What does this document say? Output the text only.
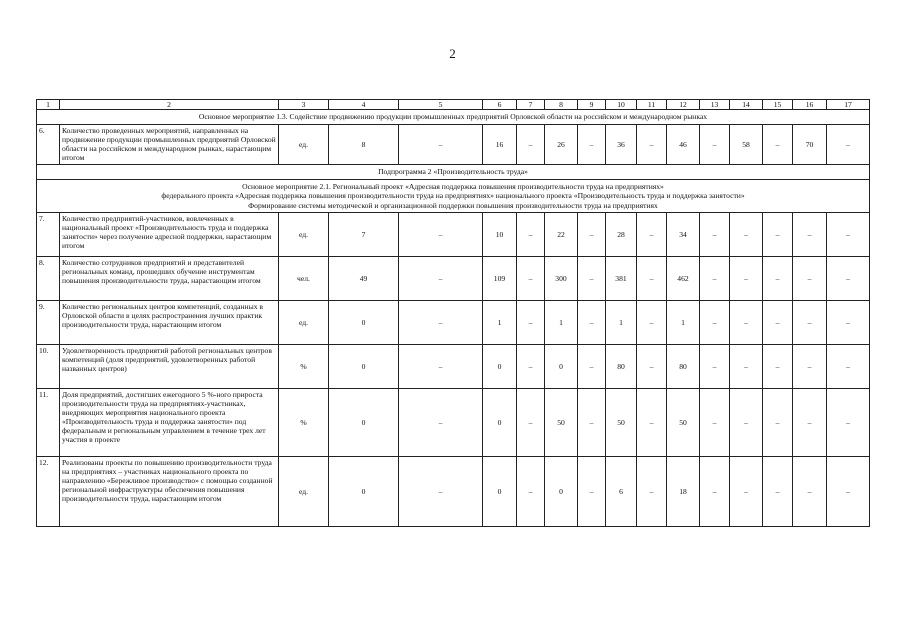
2
1	2	3	4	5	6	7	8	9	10	11	12	13	14	15	16	17

Основное мероприятие 1.3. Содействие продвижению продукции промышленных предприятий Орловской области на российском и международном рынках																

6.	Количество проведенных мероприятий, направленных на продвижение продукции промышленных предприятий Орловской области на российском и международном рынках, нарастающим итогом	ед.	8	–	16	–	26	–	36	–	46	–	58	–	70	–

Подпрограмма 2 «Производительность труда»																

Основное мероприятие 2.1. Региональный проект «Адресная поддержка повышения производительности труда на предприятиях»
федерального проекта «Адресная поддержка повышения производительности труда на предприятиях» национального проекта «Производительность труда и поддержка занятости»
Формирование системы методической и организационной поддержки повышения производительности труда на предприятиях																

7.	Количество предприятий-участников, вовлеченных в национальный проект «Производительность труда и поддержка занятости» через получение адресной поддержки, нарастающим итогом	ед.	7	–	10	–	22	–	28	–	34	–	–	–	–	–
8.	Количество сотрудников предприятий и представителей региональных команд, прошедших обучение инструментам повышения производительности труда, нарастающим итогом	чел.	49	–	109	–	300	–	381	–	462	–	–	–	–	–
9.	Количество региональных центров компетенций, созданных в Орловской области в целях распространения лучших практик производительности труда, нарастающим итогом	ед.	0	–	1	–	1	–	1	–	1	–	–	–	–	–
10.	Удовлетворенность предприятий работой региональных центров компетенций (доля предприятий, удовлетворенных работой названных центров)	%	0	–	0	–	0	–	80	–	80	–	–	–	–	–
11.	Доля предприятий, достигших ежегодного 5 %-ного прироста производительности труда на предприятиях-участниках, внедряющих мероприятия национального проекта «Производительность труда и поддержка занятости» под федеральным и региональным управлением в течение трех лет участия в проекте	%	0	–	0	–	50	–	50	–	50	–	–	–	–	–
12.	Реализованы проекты по повышению производительности труда на предприятиях – участниках национального проекта по направлению «Бережливое производство» с помощью созданной региональной инфраструктуры обеспечения повышения производительности труда, нарастающим итогом	ед.	0	–	0	–	0	–	6	–	18	–	–	–	–	–
